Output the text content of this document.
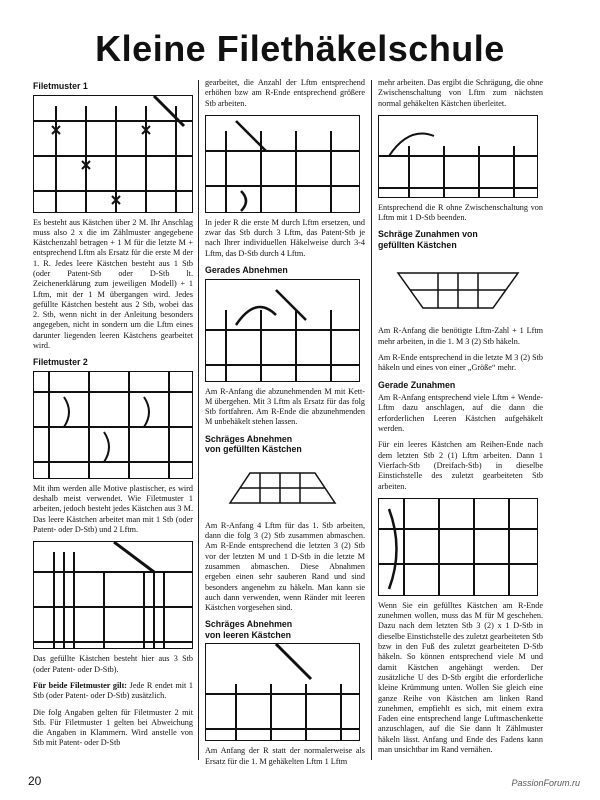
Kleine Filethäkelschule
Filetmuster 1

Es besteht aus Kästchen über 2 M. Ihr Anschlag muss also 2 x die im Zählmuster angegebene Kästchenzahl betragen + 1 M für die letzte M + entsprechend Lftm als Ersatz für die erste M der 1. R. Jedes leere Kästchen besteht aus 1 Stb (oder Patent-Stb oder D-Stb lt. Zeichenerklärung zum jeweiligen Modell) + 1 Lftm, mit der 1 M übergangen wird. Jedes gefüllte Kästchen besteht aus 2 Stb, wobei das 2. Stb, wenn nicht in der Anleitung besonders angegeben, nicht in sondern um die Lftm eines darunter liegenden leeren Kästchens gearbeitet wird.

Filetmuster 2

Mit ihm werden alle Motive plastischer, es wird deshalb meist verwendet. Wie Filetmuster 1 arbeiten, jedoch besteht jedes Kästchen aus 3 M. Das leere Kästchen arbeitet man mit 1 Stb (oder Patent- oder D-Stb) und 2 Lftm.

Das gefüllte Kästchen besteht hier aus 3 Stb (oder Patent- oder D-Stb).

Für beide Filetmuster gilt: Jede R endet mit 1 Stb (oder Patent- oder D-Stb) zusätzlich.

Die folg Angaben gelten für Filetmuster 2 mit Stb. Für Filetmuster 1 gelten bei Abweichung die Angaben in Klammern. Wird anstelle von Stb mit Patent- oder D-Stb

gearbeitet, die Anzahl der Lftm entsprechend erhöhen bzw am R-Ende entsprechend größere Stb arbeiten.

In jeder R die erste M durch Lftm ersetzen, und zwar das Stb durch 3 Lftm, das Patent-Stb je nach Ihrer individuellen Häkelweise durch 3-4 Lftm, das D-Stb durch 4 Lftm.

Gerades Abnehmen

Am R-Anfang die abzunehmenden M mit Kett-M übergehen. Mit 3 Lftm als Ersatz für das folg Stb fortfahren. Am R-Ende die abzunehmenden M unbehäkelt stehen lassen.

Schräges Abnehmen
von gefüllten Kästchen

Am R-Anfang 4 Lftm für das 1. Stb arbeiten, dann die folg 3 (2) Stb zusammen abmaschen. Am R-Ende entsprechend die letzten 3 (2) Stb vor der letzten M und 1 D-Stb in die letzte M zusammen abmaschen. Diese Abnahmen ergeben einen sehr sauberen Rand und sind besonders angenehm zu häkeln. Man kann sie auch dann verwenden, wenn Ränder mit leeren Kästchen vorgesehen sind.

Schräges Abnehmen
von leeren Kästchen

Am Anfang der R statt der normalerweise als Ersatz für die 1. M gehäkelten Lftm 1 Lftm

mehr arbeiten. Das ergibt die Schrägung, die ohne Zwischenschaltung von Lftm zum nächsten normal gehäkelten Kästchen überleitet.

Entsprechend die R ohne Zwischenschaltung von Lftm mit 1 D-Stb beenden.

Schräge Zunahmen von
gefüllten Kästchen

Am R-Anfang die benötigte Lftm-Zahl + 1 Lftm mehr arbeiten, in die 1. M 3 (2) Stb häkeln.

Am R-Ende entsprechend in die letzte M 3 (2) Stb häkeln und eines von einer „Größe“ mehr.

Gerade Zunahmen

Am R-Anfang entsprechend viele Lftm + Wende-Lftm dazu anschlagen, auf die dann die erforderlichen Leeren Kästchen aufgehäkelt werden.

Für ein leeres Kästchen am Reihen-Ende nach dem letzten Stb 2 (1) Lftm arbeiten. Dann 1 Vierfach-Stb (Dreifach-Stb) in dieselbe Einstichstelle des zuletzt gearbeiteten Stb arbeiten.

Wenn Sie ein gefülltes Kästchen am R-Ende zunehmen wollen, muss das M für M geschehen. Dazu nach dem letzten Stb 3 (2) x 1 D-Stb in dieselbe Einstichstelle des zuletzt gearbeiteten Stb bzw in den Fuß des zuletzt gearbeiteten D-Stb häkeln. So können entsprechend viele M und damit Kästchen angehängt werden. Der zusätzliche U des D-Stb ergibt die erforderliche kleine Krümmung unten. Wollen Sie gleich eine ganze Reihe von Kästchen am linken Rand zunehmen, empfiehlt es sich, mit einem extra Faden eine entsprechend lange Luftmaschenkette anzuschlagen, auf die Sie dann lt Zählmuster häkeln lässt. Anfang und Ende des Fadens kann man unsichtbar im Rand vernähen.

20	PassionForum.ru
